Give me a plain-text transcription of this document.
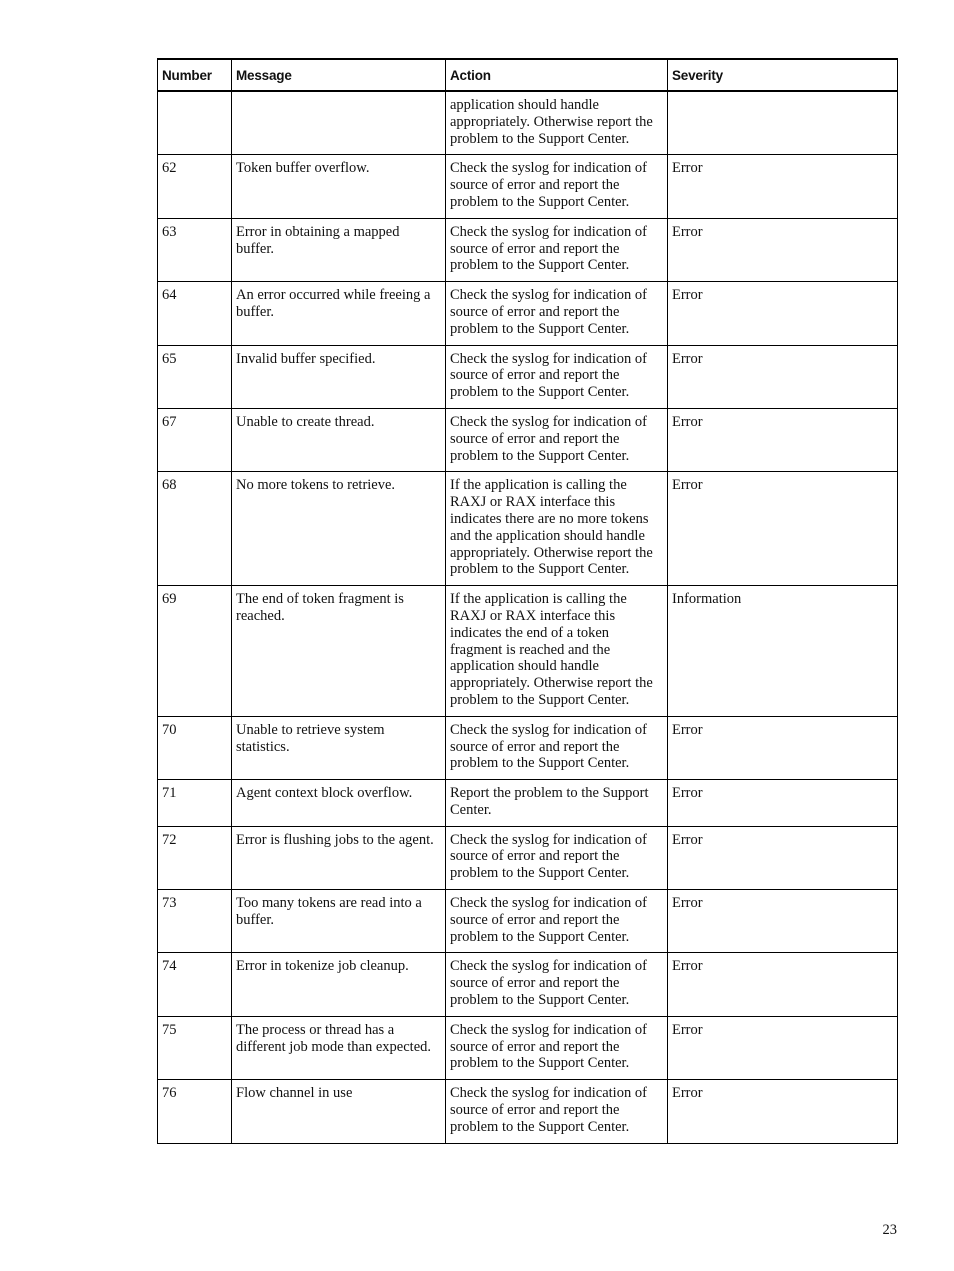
Number	Message	Action	Severity
		application should handle appropriately. Otherwise report the problem to the Support Center.	
62	Token buffer overflow.	Check the syslog for indication of source of error and report the problem to the Support Center.	Error
63	Error in obtaining a mapped buffer.	Check the syslog for indication of source of error and report the problem to the Support Center.	Error
64	An error occurred while freeing a buffer.	Check the syslog for indication of source of error and report the problem to the Support Center.	Error
65	Invalid buffer specified.	Check the syslog for indication of source of error and report the problem to the Support Center.	Error
67	Unable to create thread.	Check the syslog for indication of source of error and report the problem to the Support Center.	Error
68	No more tokens to retrieve.	If the application is calling the RAXJ or RAX interface this indicates there are no more tokens and the application should handle appropriately. Otherwise report the problem to the Support Center.	Error
69	The end of token fragment is reached.	If the application is calling the RAXJ or RAX interface this indicates the end of a token fragment is reached and the application should handle appropriately. Otherwise report the problem to the Support Center.	Information
70	Unable to retrieve system statistics.	Check the syslog for indication of source of error and report the problem to the Support Center.	Error
71	Agent context block overflow.	Report the problem to the Support Center.	Error
72	Error is flushing jobs to the agent.	Check the syslog for indication of source of error and report the problem to the Support Center.	Error
73	Too many tokens are read into a buffer.	Check the syslog for indication of source of error and report the problem to the Support Center.	Error
74	Error in tokenize job cleanup.	Check the syslog for indication of source of error and report the problem to the Support Center.	Error
75	The process or thread has a different job mode than expected.	Check the syslog for indication of source of error and report the problem to the Support Center.	Error
76	Flow channel in use	Check the syslog for indication of source of error and report the problem to the Support Center.	Error
23
